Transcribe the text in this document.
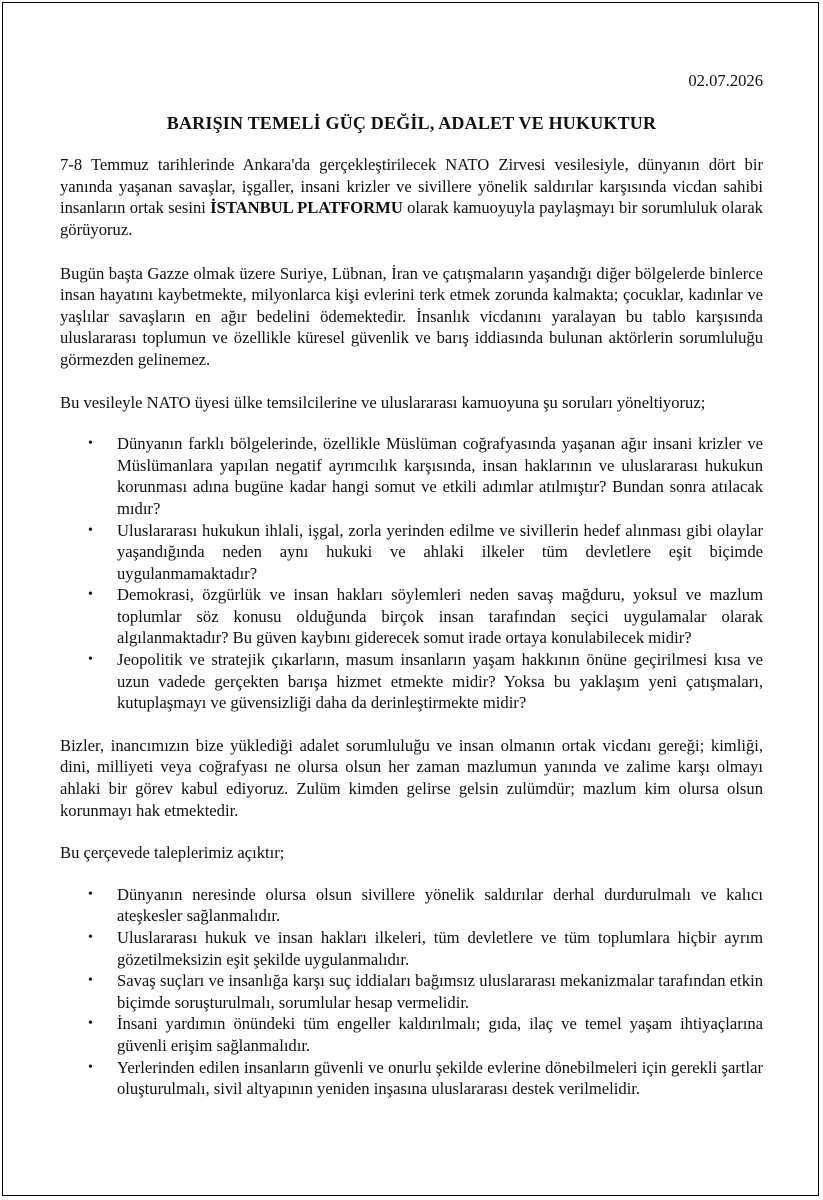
02.07.2026
BARIŞIN TEMELİ GÜÇ DEĞİL, ADALET VE HUKUKTUR

7-8 Temmuz tarihlerinde Ankara'da gerçekleştirilecek NATO Zirvesi vesilesiyle, dünyanın dört bir yanında yaşanan savaşlar, işgaller, insani krizler ve sivillere yönelik saldırılar karşısında vicdan sahibi insanların ortak sesini İSTANBUL PLATFORMU olarak kamuoyuyla paylaşmayı bir sorumluluk olarak görüyoruz.

Bugün başta Gazze olmak üzere Suriye, Lübnan, İran ve çatışmaların yaşandığı diğer bölgelerde binlerce insan hayatını kaybetmekte, milyonlarca kişi evlerini terk etmek zorunda kalmakta; çocuklar, kadınlar ve yaşlılar savaşların en ağır bedelini ödemektedir. İnsanlık vicdanını yaralayan bu tablo karşısında uluslararası toplumun ve özellikle küresel güvenlik ve barış iddiasında bulunan aktörlerin sorumluluğu görmezden gelinemez.

Bu vesileyle NATO üyesi ülke temsilcilerine ve uluslararası kamuoyuna şu soruları yöneltiyoruz;

• Dünyanın farklı bölgelerinde, özellikle Müslüman coğrafyasında yaşanan ağır insani krizler ve Müslümanlara yapılan negatif ayrımcılık karşısında, insan haklarının ve uluslararası hukukun korunması adına bugüne kadar hangi somut ve etkili adımlar atılmıştır? Bundan sonra atılacak mıdır?
• Uluslararası hukukun ihlali, işgal, zorla yerinden edilme ve sivillerin hedef alınması gibi olaylar yaşandığında neden aynı hukuki ve ahlaki ilkeler tüm devletlere eşit biçimde uygulanmamaktadır?
• Demokrasi, özgürlük ve insan hakları söylemleri neden savaş mağduru, yoksul ve mazlum toplumlar söz konusu olduğunda birçok insan tarafından seçici uygulamalar olarak algılanmaktadır? Bu güven kaybını giderecek somut irade ortaya konulabilecek midir?
• Jeopolitik ve stratejik çıkarların, masum insanların yaşam hakkının önüne geçirilmesi kısa ve uzun vadede gerçekten barışa hizmet etmekte midir? Yoksa bu yaklaşım yeni çatışmaları, kutuplaşmayı ve güvensizliği daha da derinleştirmekte midir?

Bizler, inancımızın bize yüklediği adalet sorumluluğu ve insan olmanın ortak vicdanı gereği; kimliği, dini, milliyeti veya coğrafyası ne olursa olsun her zaman mazlumun yanında ve zalime karşı olmayı ahlaki bir görev kabul ediyoruz. Zulüm kimden gelirse gelsin zulümdür; mazlum kim olursa olsun korunmayı hak etmektedir.

Bu çerçevede taleplerimiz açıktır;

• Dünyanın neresinde olursa olsun sivillere yönelik saldırılar derhal durdurulmalı ve kalıcı ateşkesler sağlanmalıdır.
• Uluslararası hukuk ve insan hakları ilkeleri, tüm devletlere ve tüm toplumlara hiçbir ayrım gözetilmeksizin eşit şekilde uygulanmalıdır.
• Savaş suçları ve insanlığa karşı suç iddiaları bağımsız uluslararası mekanizmalar tarafından etkin biçimde soruşturulmalı, sorumlular hesap vermelidir.
• İnsani yardımın önündeki tüm engeller kaldırılmalı; gıda, ilaç ve temel yaşam ihtiyaçlarına güvenli erişim sağlanmalıdır.
• Yerlerinden edilen insanların güvenli ve onurlu şekilde evlerine dönebilmeleri için gerekli şartlar oluşturulmalı, sivil altyapının yeniden inşasına uluslararası destek verilmelidir.
